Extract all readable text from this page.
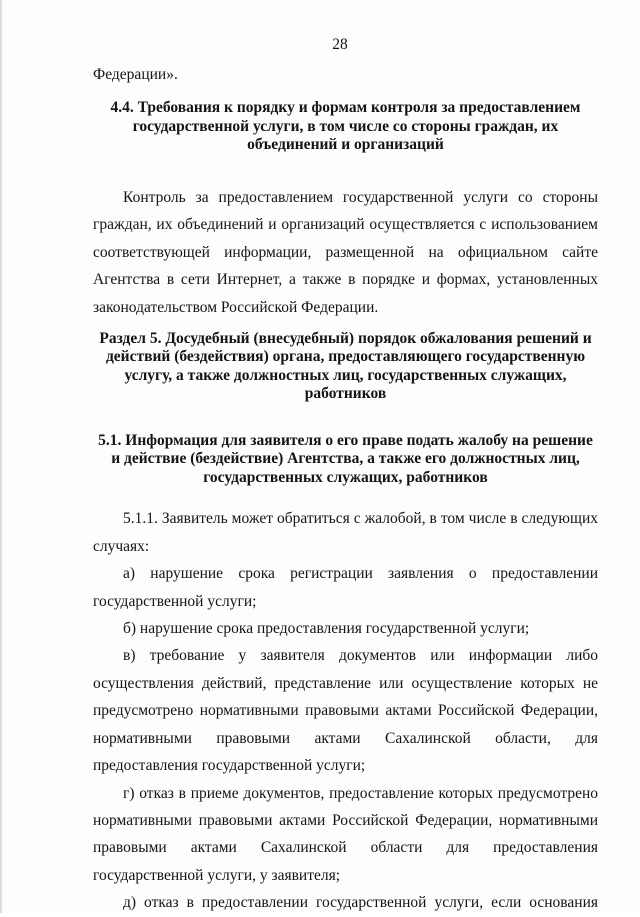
28

Федерации».

4.4. Требования к порядку и формам контроля за предоставлением государственной услуги, в том числе со стороны граждан, их объединений и организаций

Контроль за предоставлением государственной услуги со стороны граждан, их объединений и организаций осуществляется с использованием соответствующей информации, размещенной на официальном сайте Агентства в сети Интернет, а также в порядке и формах, установленных законодательством Российской Федерации.

Раздел 5. Досудебный (внесудебный) порядок обжалования решений и действий (бездействия) органа, предоставляющего государственную услугу, а также должностных лиц, государственных служащих, работников

5.1. Информация для заявителя о его праве подать жалобу на решение и действие (бездействие) Агентства, а также его должностных лиц, государственных служащих, работников

5.1.1. Заявитель может обратиться с жалобой, в том числе в следующих случаях:

а) нарушение срока регистрации заявления о предоставлении государственной услуги;

б) нарушение срока предоставления государственной услуги;

в) требование у заявителя документов или информации либо осуществления действий, представление или осуществление которых не предусмотрено нормативными правовыми актами Российской Федерации, нормативными правовыми актами Сахалинской области, для предоставления государственной услуги;

г) отказ в приеме документов, предоставление которых предусмотрено нормативными правовыми актами Российской Федерации, нормативными правовыми актами Сахалинской области для предоставления государственной услуги, у заявителя;

д) отказ в предоставлении государственной услуги, если основания
